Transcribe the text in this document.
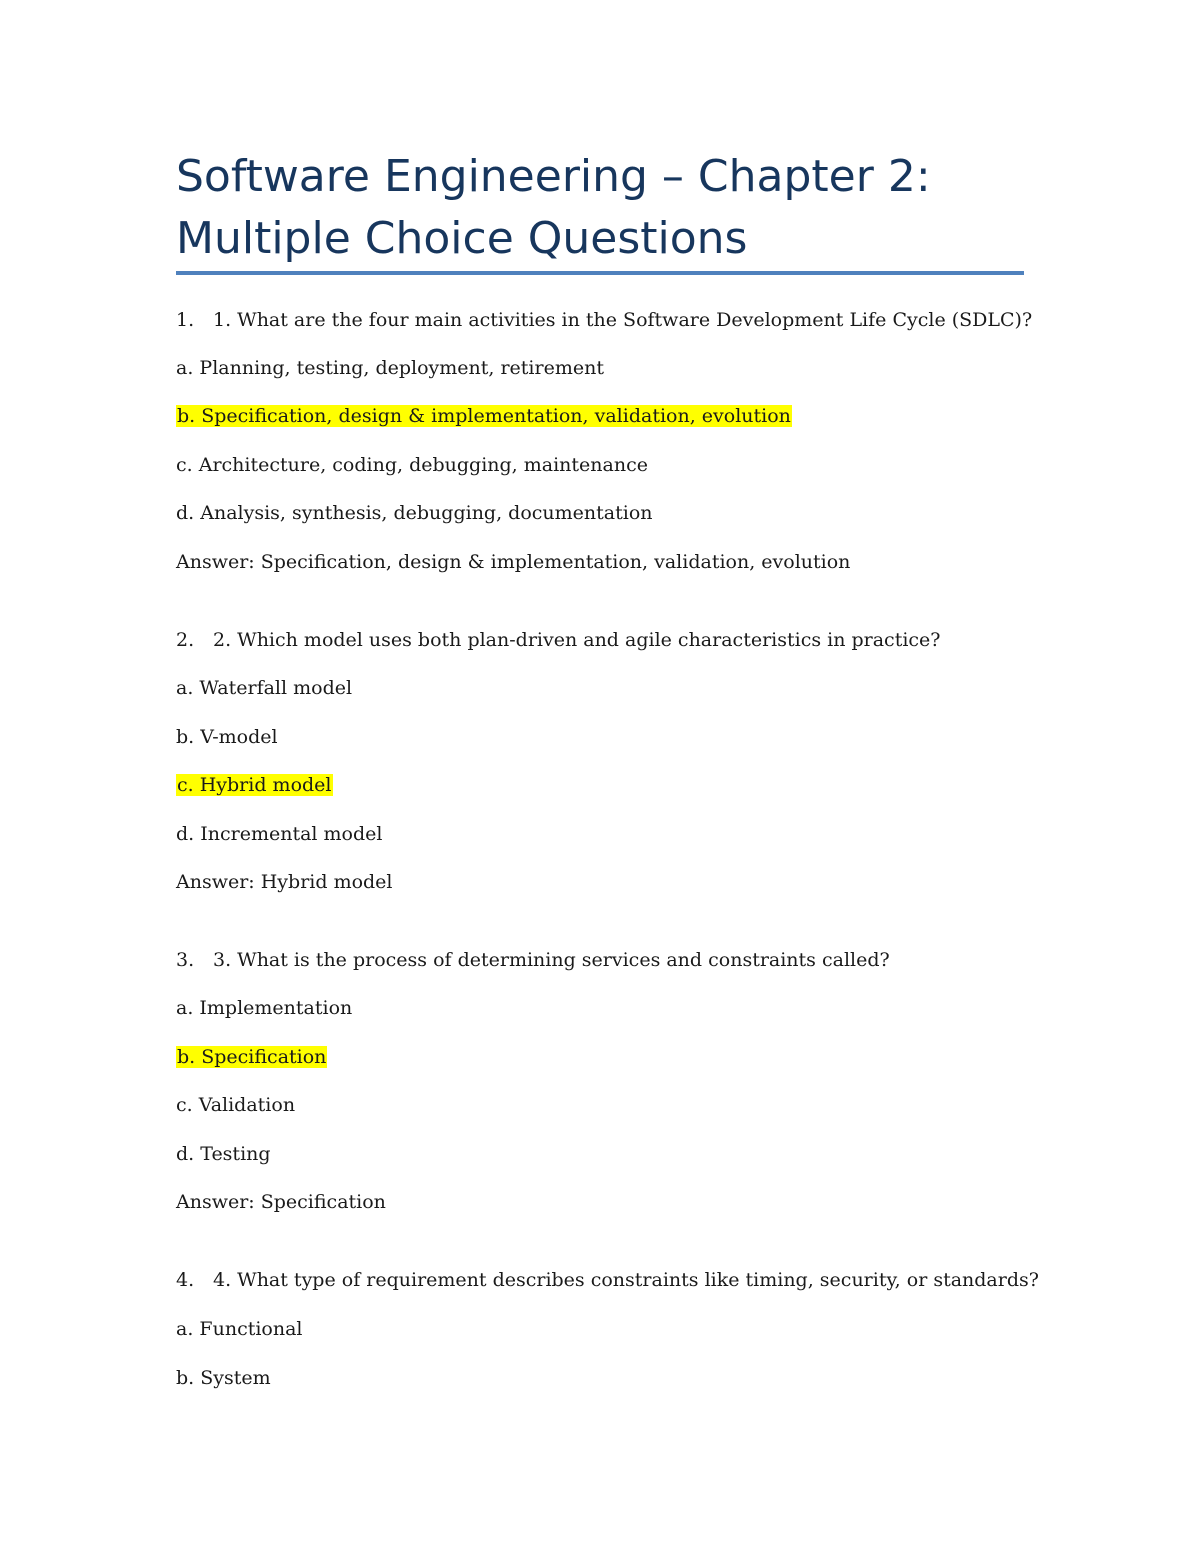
Software Engineering – Chapter 2:
Multiple Choice Questions

1. 1. What are the four main activities in the Software Development Life Cycle (SDLC)?

a. Planning, testing, deployment, retirement

b. Specification, design & implementation, validation, evolution

c. Architecture, coding, debugging, maintenance

d. Analysis, synthesis, debugging, documentation

Answer: Specification, design & implementation, validation, evolution

2. 2. Which model uses both plan-driven and agile characteristics in practice?

a. Waterfall model

b. V-model

c. Hybrid model

d. Incremental model

Answer: Hybrid model

3. 3. What is the process of determining services and constraints called?

a. Implementation

b. Specification

c. Validation

d. Testing

Answer: Specification

4. 4. What type of requirement describes constraints like timing, security, or standards?

a. Functional

b. System
